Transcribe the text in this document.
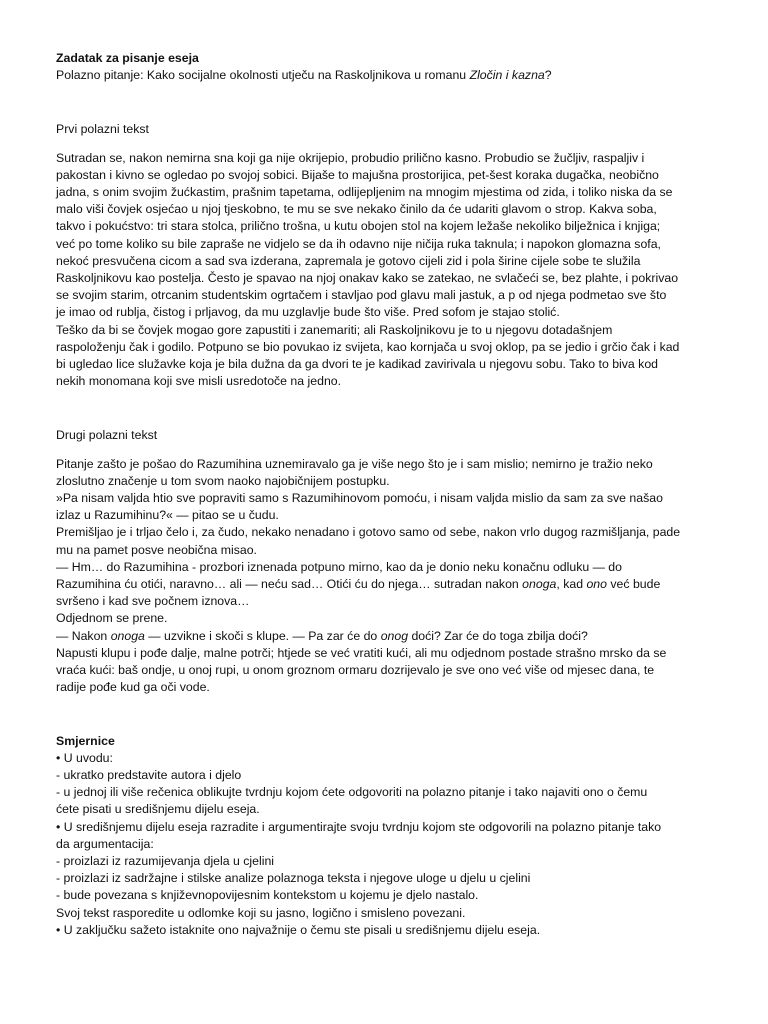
Zadatak za pisanje eseja
Polazno pitanje: Kako socijalne okolnosti utječu na Raskoljnikova u romanu Zločin i kazna?
Prvi polazni tekst
Sutradan se, nakon nemirna sna koji ga nije okrijepio, probudio prilično kasno. Probudio se žučljiv, raspaljiv i
pakostan i kivno se ogledao po svojoj sobici. Bijaše to majušna prostorijica, pet-šest koraka dugačka, neobično
jadna, s onim svojim žućkastim, prašnim tapetama, odlijepljenim na mnogim mjestima od zida, i toliko niska da se
malo viši čovjek osjećao u njoj tjeskobno, te mu se sve nekako činilo da će udariti glavom o strop. Kakva soba,
takvo i pokućstvo: tri stara stolca, prilično trošna, u kutu obojen stol na kojem ležaše nekoliko bilježnica i knjiga;
već po tome koliko su bile zapraše ne vidjelo se da ih odavno nije ničija ruka taknula; i napokon glomazna sofa,
nekoć presvučena cicom a sad sva izderana, zapremala je gotovo cijeli zid i pola širine cijele sobe te služila
Raskoljnikovu kao postelja. Često je spavao na njoj onakav kako se zatekao, ne svlačeći se, bez plahte, i pokrivao
se svojim starim, otrcanim studentskim ogrtačem i stavljao pod glavu mali jastuk, a p od njega podmetao sve što
je imao od rublja, čistog i prljavog, da mu uzglavlje bude što više. Pred sofom je stajao stolić.
Teško da bi se čovjek mogao gore zapustiti i zanemariti; ali Raskoljnikovu je to u njegovu dotadašnjem
raspoloženju čak i godilo. Potpuno se bio povukao iz svijeta, kao kornjača u svoj oklop, pa se jedio i grčio čak i kad
bi ugledao lice služavke koja je bila dužna da ga dvori te je kadikad zavirivala u njegovu sobu. Tako to biva kod
nekih monomana koji sve misli usredotoče na jedno.
Drugi polazni tekst
Pitanje zašto je pošao do Razumihina uznemiravalo ga je više nego što je i sam mislio; nemirno je tražio neko
zloslutno značenje u tom svom naoko najobičnijem postupku.
»Pa nisam valjda htio sve popraviti samo s Razumihinovom pomoću, i nisam valjda mislio da sam za sve našao
izlaz u Razumihinu?« — pitao se u čudu.
Premišljao je i trljao čelo i, za čudo, nekako nenadano i gotovo samo od sebe, nakon vrlo dugog razmišljanja, pade
mu na pamet posve neobična misao.
— Hm… do Razumihina - prozbori iznenada potpuno mirno, kao da je donio neku konačnu odluku — do
Razumihina ću otići, naravno… ali — neću sad… Otići ću do njega… sutradan nakon onoga, kad ono već bude
svršeno i kad sve počnem iznova…
Odjednom se prene.
— Nakon onoga — uzvikne i skoči s klupe. — Pa zar će do onog doći? Zar će do toga zbilja doći?
Napusti klupu i pođe dalje, malne potrči; htjede se već vratiti kući, ali mu odjednom postade strašno mrsko da se
vraća kući: baš ondje, u onoj rupi, u onom groznom ormaru dozrijevalo je sve ono već više od mjesec dana, te
radije pođe kud ga oči vode.
Smjernice
• U uvodu:
- ukratko predstavite autora i djelo
- u jednoj ili više rečenica oblikujte tvrdnju kojom ćete odgovoriti na polazno pitanje i tako najaviti ono o čemu
ćete pisati u središnjemu dijelu eseja.
• U središnjemu dijelu eseja razradite i argumentirajte svoju tvrdnju kojom ste odgovorili na polazno pitanje tako
da argumentacija:
- proizlazi iz razumijevanja djela u cjelini
- proizlazi iz sadržajne i stilske analize polaznoga teksta i njegove uloge u djelu u cjelini
- bude povezana s književnopovijesnim kontekstom u kojemu je djelo nastalo.
Svoj tekst rasporedite u odlomke koji su jasno, logično i smisleno povezani.
• U zaključku sažeto istaknite ono najvažnije o čemu ste pisali u središnjemu dijelu eseja.
